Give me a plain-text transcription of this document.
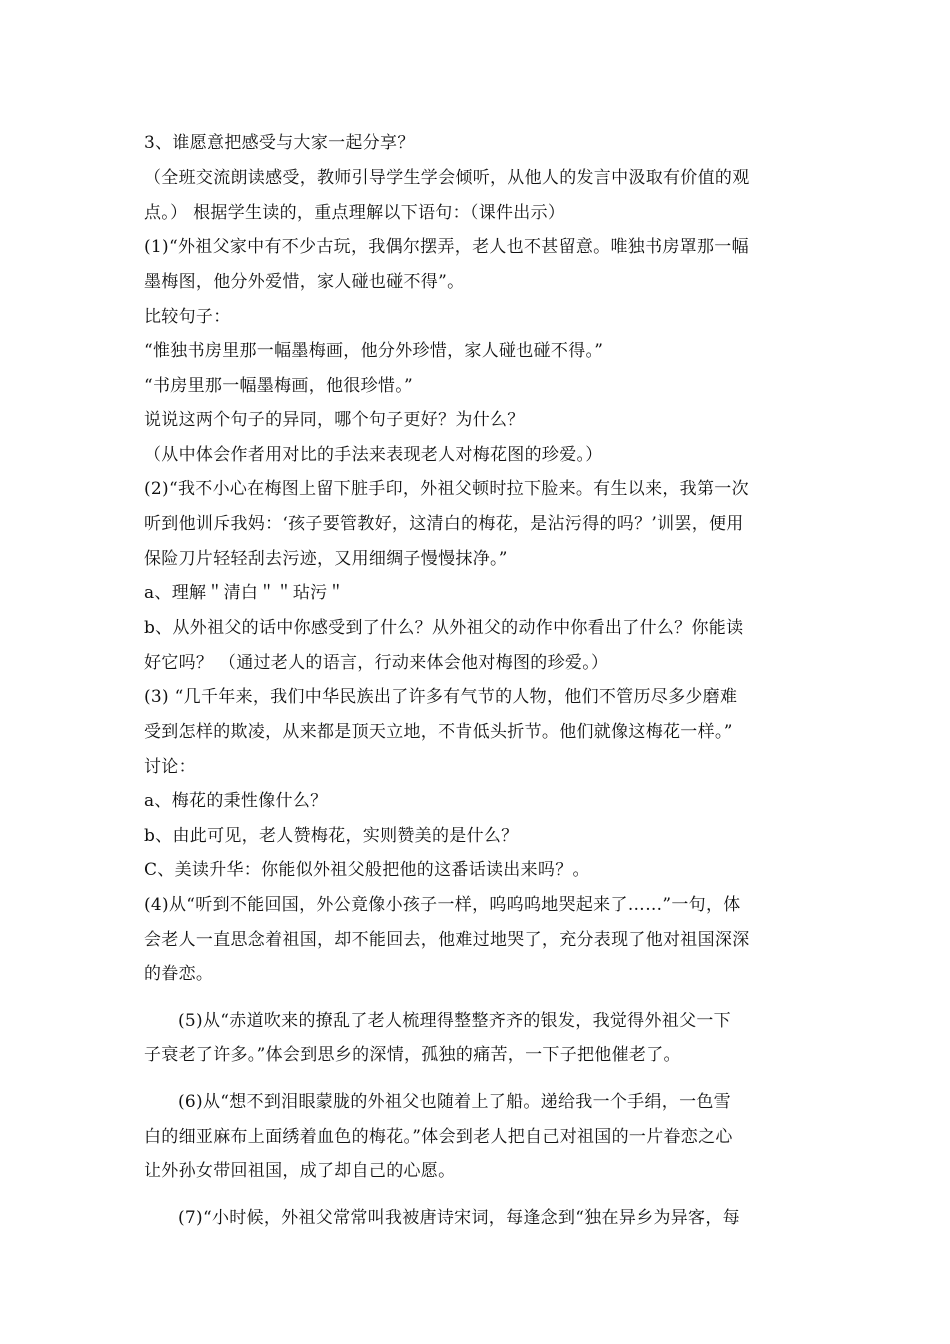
3、谁愿意把感受与大家一起分享？
（全班交流朗读感受，教师引导学生学会倾听，从他人的发言中汲取有价值的观
点。） 根据学生读的，重点理解以下语句：（课件出示）
(1)“外祖父家中有不少古玩，我偶尔摆弄，老人也不甚留意。唯独书房罩那一幅
墨梅图，他分外爱惜，家人碰也碰不得”。
比较句子：
“惟独书房里那一幅墨梅画，他分外珍惜，家人碰也碰不得。”
“书房里那一幅墨梅画，他很珍惜。”
说说这两个句子的异同，哪个句子更好？为什么？
（从中体会作者用对比的手法来表现老人对梅花图的珍爱。）
(2)“我不小心在梅图上留下脏手印，外祖父顿时拉下脸来。有生以来，我第一次
听到他训斥我妈：‘孩子要管教好，这清白的梅花，是沾污得的吗？’训罢，便用
保险刀片轻轻刮去污迹，又用细绸子慢慢抹净。”
a、理解＂清白＂＂玷污＂
b、从外祖父的话中你感受到了什么？从外祖父的动作中你看出了什么？你能读
好它吗？ （通过老人的语言，行动来体会他对梅图的珍爱。）
(3) “几千年来，我们中华民族出了许多有气节的人物，他们不管历尽多少磨难
受到怎样的欺凌，从来都是顶天立地，不肯低头折节。他们就像这梅花一样。”
讨论：
a、梅花的秉性像什么？
b、由此可见，老人赞梅花，实则赞美的是什么？
C、美读升华：你能似外祖父般把他的这番话读出来吗？。
(4)从“听到不能回国，外公竟像小孩子一样，呜呜呜地哭起来了……”一句，体
会老人一直思念着祖国，却不能回去，他难过地哭了，充分表现了他对祖国深深
的眷恋。
(5)从“赤道吹来的撩乱了老人梳理得整整齐齐的银发，我觉得外祖父一下
子衰老了许多。”体会到思乡的深情，孤独的痛苦，一下子把他催老了。
(6)从“想不到泪眼蒙胧的外祖父也随着上了船。递给我一个手绢，一色雪
白的细亚麻布上面绣着血色的梅花。”体会到老人把自己对祖国的一片眷恋之心
让外孙女带回祖国，成了却自己的心愿。
(7)“小时候，外祖父常常叫我被唐诗宋词，每逢念到“独在异乡为异客，每
